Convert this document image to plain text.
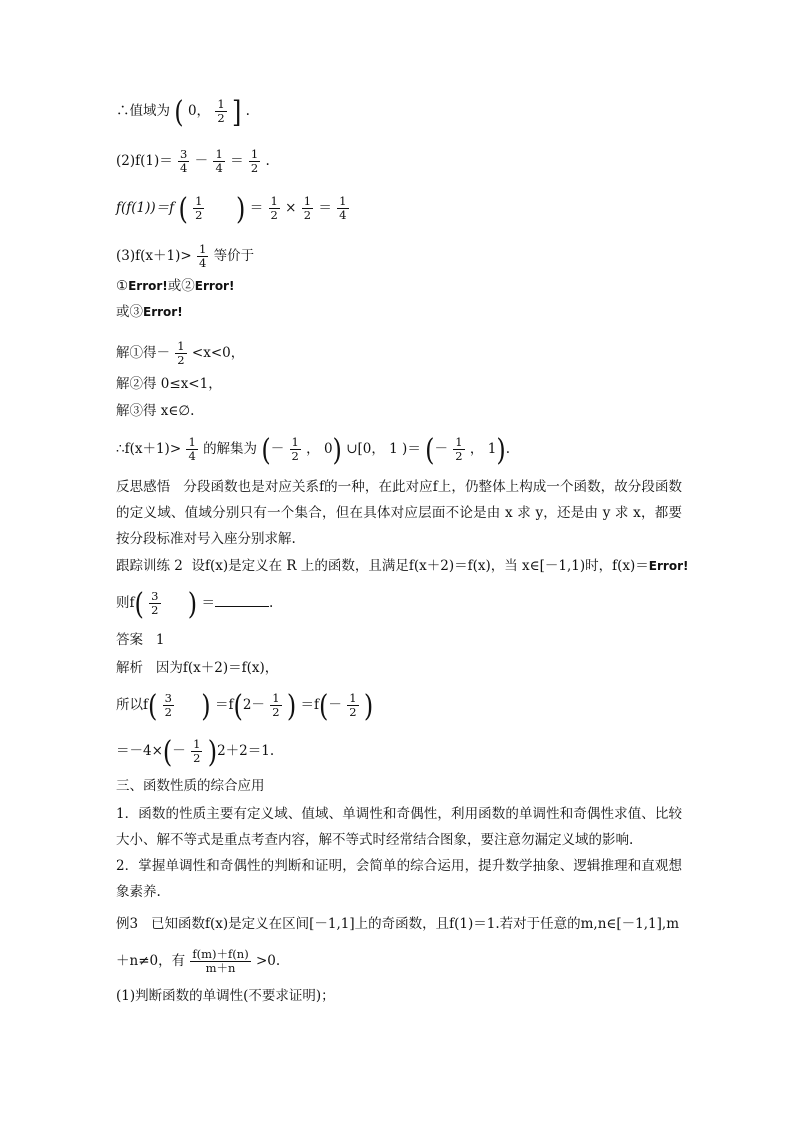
∴值域为 ( 0， $\frac{1}{2}$ ] .
$(2)f(1)= \frac{3}{4} - \frac{1}{4} = \frac{1}{2}$ .
f(f(1))＝f ( $\frac{1}{2}$ ) ＝ $\frac{1}{2} \times \frac{1}{2} = \frac{1}{4}$
$(3)f(x+1)> \frac{1}{4}$ 等价于
①Error!或②Error!
或③Error!
解①得－ $\frac{1}{2} <x<0$，
解②得 0≤x<1，
解③得 x∈∅.
∴f(x＋1)> $\frac{1}{4}$ 的解集为 (－ $\frac{1}{2}$ ， 0) ∪[0， 1 )＝ (－ $\frac{1}{2}$ ， 1).
反思感悟 分段函数也是对应关系f的一种，在此对应f上，仍整体上构成一个函数，故分段函数的定义域、值域分别只有一个集合，但在具体对应层面不论是由 x 求 y，还是由 y 求 x，都要按分段标准对号入座分别求解.
跟踪训练 2 设f(x)是定义在 R 上的函数，且满足f(x＋2)＝f(x)，当 x∈[－1,1)时，f(x)＝Error!
则$f( \frac{3}{2}$ ) ＝	.
答案 1
解析 因为f(x＋2)＝f(x)，
所以$f( \frac{3}{2}$ ) $=f(2- \frac{1}{2}$ ) $=f(- \frac{1}{2}$ )
$=-4\times(- \frac{1}{2} )2+2=1$.
三、函数性质的综合应用
1．函数的性质主要有定义域、值域、单调性和奇偶性，利用函数的单调性和奇偶性求值、比较大小、解不等式是重点考查内容，解不等式时经常结合图象，要注意勿漏定义域的影响.
2．掌握单调性和奇偶性的判断和证明，会简单的综合运用，提升数学抽象、逻辑推理和直观想象素养.
例3 已知函数f(x)是定义在区间[－1,1]上的奇函数，且f(1)＝1.若对于任意的m,n∈[－1,1],m
＋n≠0，有 $\frac{f(m)+f(n)}{m+n} >0$.
(1)判断函数的单调性(不要求证明)；
